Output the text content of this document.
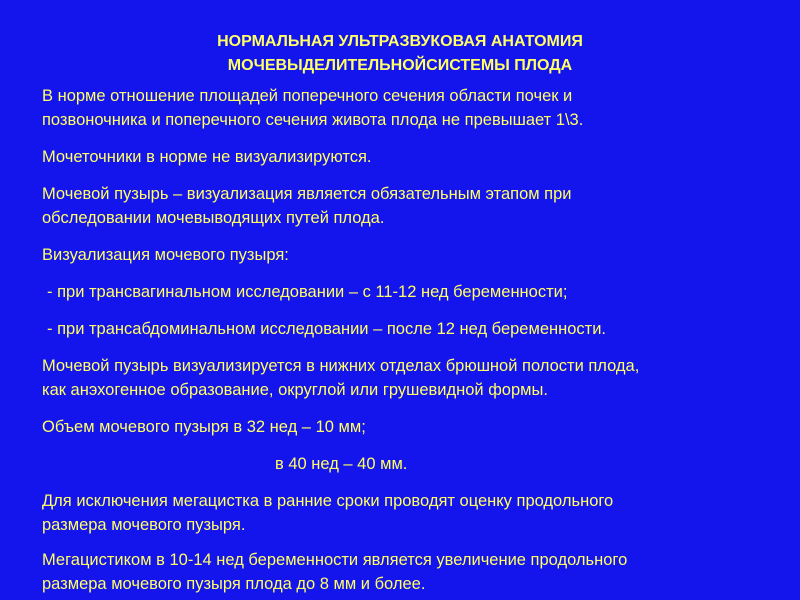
НОРМАЛЬНАЯ УЛЬТРАЗВУКОВАЯ АНАТОМИЯ
МОЧЕВЫДЕЛИТЕЛЬНОЙСИСТЕМЫ ПЛОДА

В норме отношение площадей поперечного сечения области почек и
позвоночника и поперечного сечения живота плода не превышает 1\3.

Мочеточники в норме не визуализируются.

Мочевой пузырь – визуализация является обязательным этапом при
обследовании мочевыводящих путей плода.

Визуализация мочевого пузыря:

- при трансвагинальном исследовании – с 11-12 нед беременности;

- при трансабдоминальном исследовании – после 12 нед беременности.

Мочевой пузырь визуализируется в нижних отделах брюшной полости плода,
как анэхогенное образование, округлой или грушевидной формы.

Объем мочевого пузыря в 32 нед – 10 мм;

в 40 нед – 40 мм.

Для исключения мегацистка в ранние сроки проводят оценку продольного
размера мочевого пузыря.

Мегацистиком в 10-14 нед беременности является увеличение продольного
размера мочевого пузыря плода до 8 мм и более.
